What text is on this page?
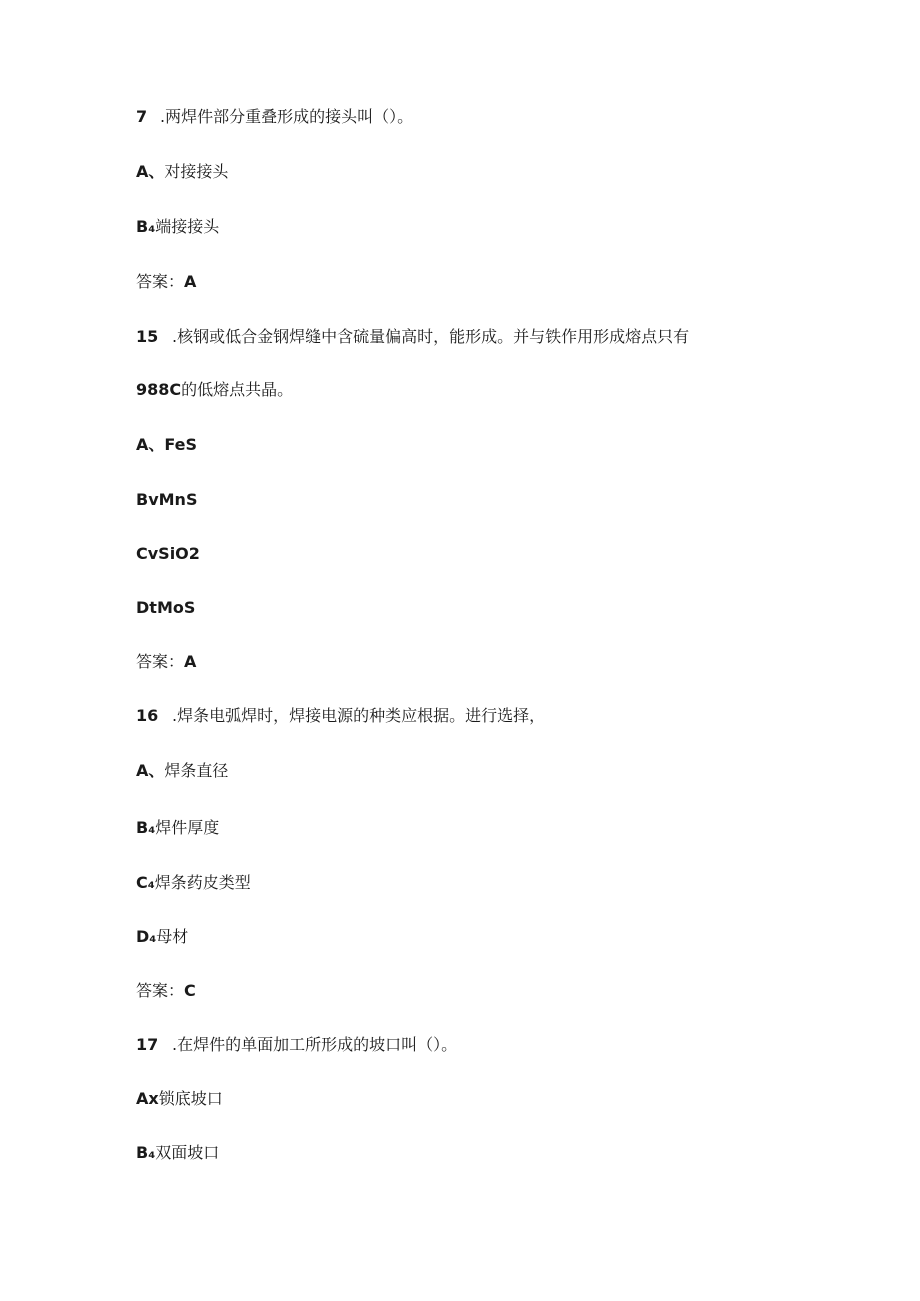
7 .两焊件部分重叠形成的接头叫（）。
A、对接接头
B₄端接接头
答案：A
15 .核钢或低合金钢焊缝中含硫量偏高时，能形成。并与铁作用形成熔点只有
988C的低熔点共晶。
A、FeS
BvMnS
CvSiO2
DtMoS
答案：A
16 .焊条电弧焊时，焊接电源的种类应根据。进行选择，
A、焊条直径
B₄焊件厚度
C₄焊条药皮类型
D₄母材
答案：C
17 .在焊件的单面加工所形成的坡口叫（）。
Ax锁底坡口
B₄双面坡口
